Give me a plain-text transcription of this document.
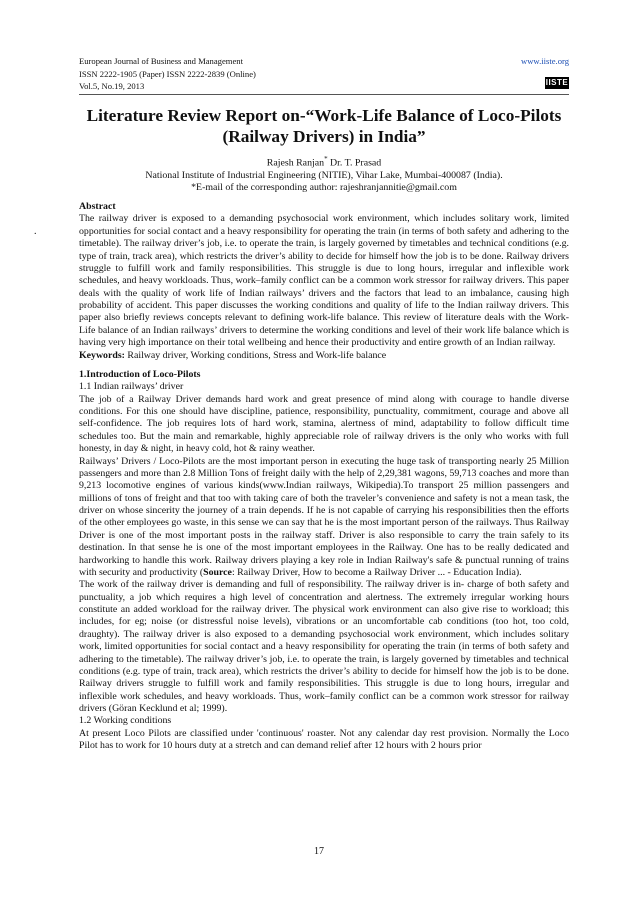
European Journal of Business and Management
ISSN 2222-1905 (Paper) ISSN 2222-2839 (Online)
Vol.5, No.19, 2013
www.iiste.org
IISTE
Literature Review Report on-“Work-Life Balance of Loco-Pilots
(Railway Drivers) in India”
Rajesh Ranjan* Dr. T. Prasad
National Institute of Industrial Engineering (NITIE), Vihar Lake, Mumbai-400087 (India).
*E-mail of the corresponding author: rajeshranjannitie@gmail.com
.

Abstract

The railway driver is exposed to a demanding psychosocial work environment, which includes solitary work, limited opportunities for social contact and a heavy responsibility for operating the train (in terms of both safety and adhering to the timetable). The railway driver’s job, i.e. to operate the train, is largely governed by timetables and technical conditions (e.g. type of train, track area), which restricts the driver’s ability to decide for himself how the job is to be done. Railway drivers struggle to fulfill work and family responsibilities. This struggle is due to long hours, irregular and inflexible work schedules, and heavy workloads. Thus, work–family conflict can be a common work stressor for railway drivers. This paper deals with the quality of work life of Indian railways’ drivers and the factors that lead to an imbalance, causing high probability of accident. This paper discusses the working conditions and quality of life to the Indian railway drivers. This paper also briefly reviews concepts relevant to defining work-life balance. This review of literature deals with the Work-Life balance of an Indian railways’ drivers to determine the working conditions and level of their work life balance which is having very high importance on their total wellbeing and hence their productivity and entire growth of an Indian railway.

Keywords: Railway driver, Working conditions, Stress and Work-life balance

1.Introduction of Loco-Pilots

1.1 Indian railways’ driver

The job of a Railway Driver demands hard work and great presence of mind along with courage to handle diverse conditions. For this one should have discipline, patience, responsibility, punctuality, commitment, courage and above all self-confidence. The job requires lots of hard work, stamina, alertness of mind, adaptability to follow difficult time schedules too. But the main and remarkable, highly appreciable role of railway drivers is the only who works with full honesty, in day & night, in heavy cold, hot & rainy weather.

Railways’ Drivers / Loco-Pilots are the most important person in executing the huge task of transporting nearly 25 Million passengers and more than 2.8 Million Tons of freight daily with the help of 2,29,381 wagons, 59,713 coaches and more than 9,213 locomotive engines of various kinds(www.Indian railways, Wikipedia).To transport 25 million passengers and millions of tons of freight and that too with taking care of both the traveler’s convenience and safety is not a mean task, the driver on whose sincerity the journey of a train depends. If he is not capable of carrying his responsibilities then the efforts of the other employees go waste, in this sense we can say that he is the most important person of the railways. Thus Railway Driver is one of the most important posts in the railway staff. Driver is also responsible to carry the train safely to its destination. In that sense he is one of the most important employees in the Railway. One has to be really dedicated and hardworking to handle this work. Railway drivers playing a key role in Indian Railway's safe & punctual running of trains with security and productivity (Source: Railway Driver, How to become a Railway Driver ... - Education India).

The work of the railway driver is demanding and full of responsibility. The railway driver is in- charge of both safety and punctuality, a job which requires a high level of concentration and alertness. The extremely irregular working hours constitute an added workload for the railway driver. The physical work environment can also give rise to workload; this includes, for eg; noise (or distressful noise levels), vibrations or an uncomfortable cab conditions (too hot, too cold, draughty). The railway driver is also exposed to a demanding psychosocial work environment, which includes solitary work, limited opportunities for social contact and a heavy responsibility for operating the train (in terms of both safety and adhering to the timetable). The railway driver’s job, i.e. to operate the train, is largely governed by timetables and technical conditions (e.g. type of train, track area), which restricts the driver’s ability to decide for himself how the job is to be done. Railway drivers struggle to fulfill work and family responsibilities. This struggle is due to long hours, irregular and inflexible work schedules, and heavy workloads. Thus, work–family conflict can be a common work stressor for railway drivers (Göran Kecklund et al; 1999).

1.2 Working conditions

At present Loco Pilots are classified under 'continuous' roaster. Not any calendar day rest provision. Normally the Loco Pilot has to work for 10 hours duty at a stretch and can demand relief after 12 hours with 2 hours prior

17
